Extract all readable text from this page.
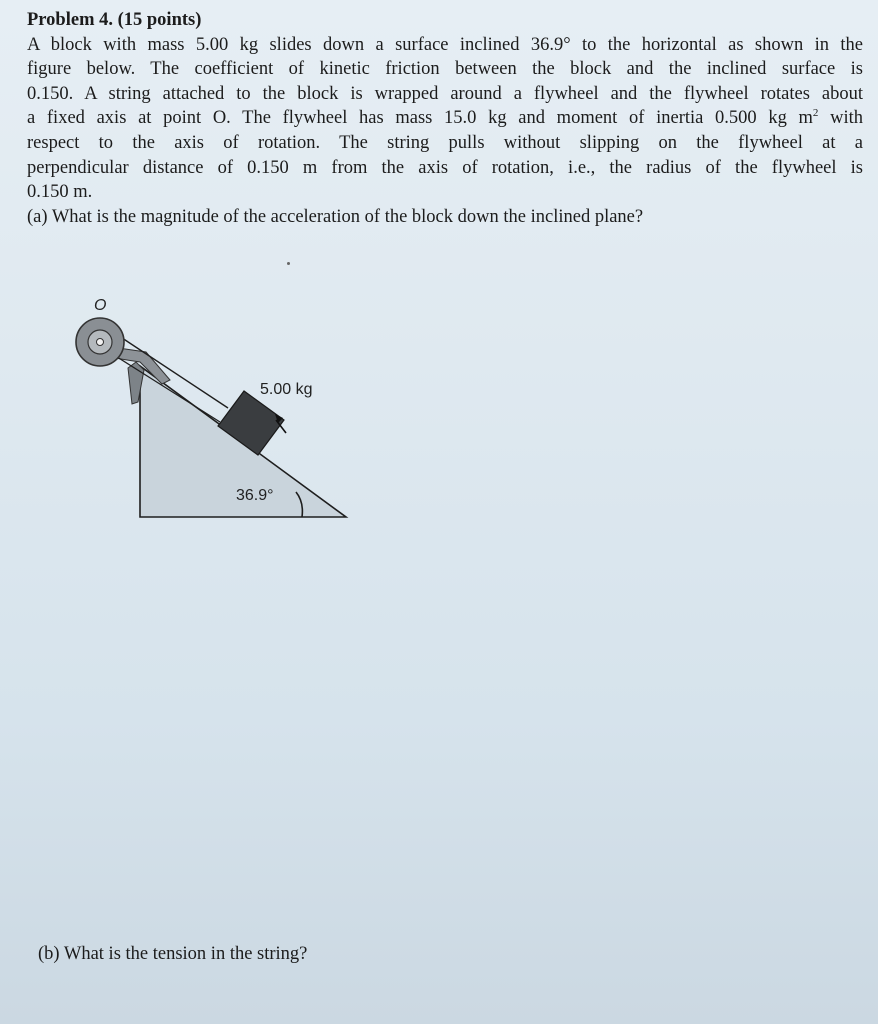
Problem 4. (15 points)
A block with mass 5.00 kg slides down a surface inclined 36.9° to the horizontal as shown in the
figure below. The coefficient of kinetic friction between the block and the inclined surface is
0.150. A string attached to the block is wrapped around a flywheel and the flywheel rotates about
a fixed axis at point O. The flywheel has mass 15.0 kg and moment of inertia 0.500 kg $m^2$ with
respect to the axis of rotation. The string pulls without slipping on the flywheel at a
perpendicular distance of 0.150 m from the axis of rotation, i.e., the radius of the flywheel is
0.150 m.
(a) What is the magnitude of the acceleration of the block down the inclined plane?
O
5.00 kg
36.9°
(b) What is the tension in the string?
